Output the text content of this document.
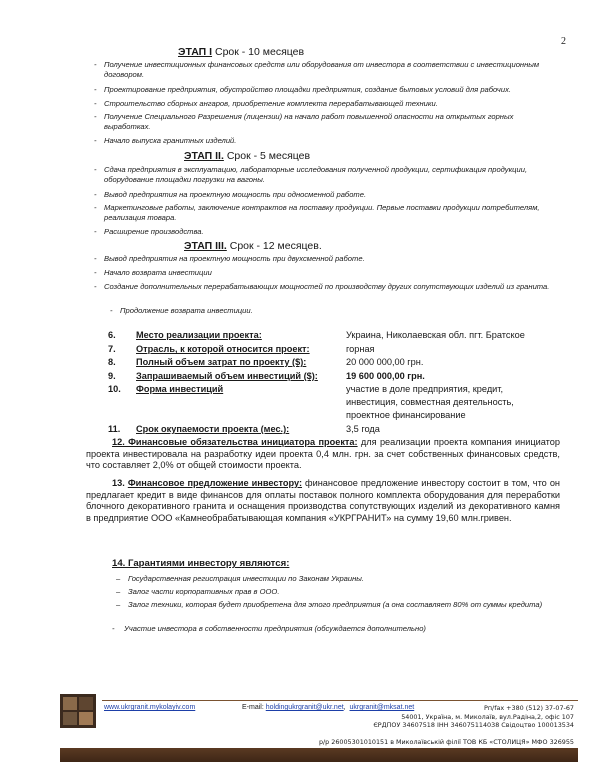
2
ЭТАП I Срок - 10 месяцев
- Получение инвестиционных финансовых средств или оборудования от инвестора в соответствии с инвестиционным договором.
- Проектирование предприятия, обустройство площадки предприятия, создание бытовых условий для рабочих.
- Строительство сборных ангаров, приобретение комплекта перерабатывающей техники.
- Получение Специального Разрешения (лицензии) на начало работ повышенной опасности на открытых горных выработках.
- Начало выпуска гранитных изделий.
ЭТАП II. Срок - 5 месяцев
- Сдача предприятия в эксплуатацию, лабораторные исследования полученной продукции, сертификация продукции, оборудование площадки погрузки на вагоны.
- Вывод предприятия на проектную мощность при односменной работе.
- Маркетинговые работы, заключение контрактов на поставку продукции. Первые поставки продукции потребителям, реализация товара.
- Расширение производства.
ЭТАП III. Срок - 12 месяцев.
- Вывод предприятия на проектную мощность при двухсменной работе.
- Начало возврата инвестиции
- Создание дополнительных перерабатывающих мощностей по производству других сопутствующих изделий из гранита.
- Продолжение возврата инвестиции.
6. Место реализации проекта:	Украина, Николаевская обл. пгт. Братское
7. Отрасль, к которой относится проект:	горная
8. Полный объем затрат по проекту ($):	20 000 000,00 грн.
9. Запрашиваемый объем инвестиций ($):	19 600 000,00 грн.
10. Форма инвестиций	участие в доле предприятия, кредит,
инвестиция, совместная деятельность,
проектное финансирование
11. Срок окупаемости проекта (мес.):	3,5 года
12. Финансовые обязательства инициатора проекта: для реализации проекта компания инициатор проекта инвестировала на разработку идеи проекта 0,4 млн. грн. за счет собственных финансовых средств, что составляет 2,0% от общей стоимости проекта.
13. Финансовое предложение инвестору: финансовое предложение инвестору состоит в том, что он предлагает кредит в виде финансов для оплаты поставок полного комплекта оборудования для переработки блочного декоративного гранита и оснащения производства сопутствующих изделий из декоративного камня в предприятие ООО «Камнеобрабатывающая компания «УКРГРАНИТ» на сумму 19,60 млн.гривен.
14. Гарантиями инвестору являются:
– Государственная регистрация инвестиции по Законам Украины.
– Залог части корпоративных прав в ООО.
– Залог техники, которая будет приобретена для этого предприятия (а она составляет 80% от суммы кредита)
- Участие инвестора в собственности предприятия (обсуждается дополнительно)
www.ukrgranit.mykolayiv.com	E-mail: holdingukrgranit@ukr.net,  ukrgranit@mksat.net	Рп/fax +380 (512) 37-07-67
54001, Україна, м. Миколаїв, вул.Радіна,2, офіс 107
ЄРДПОУ 34607518 ІНН 346075114038 Свідоцтво 100013534
р/р 26005301010151 в Миколаївській філії ТОВ КБ «СТОЛИЦЯ» МФО 326955
